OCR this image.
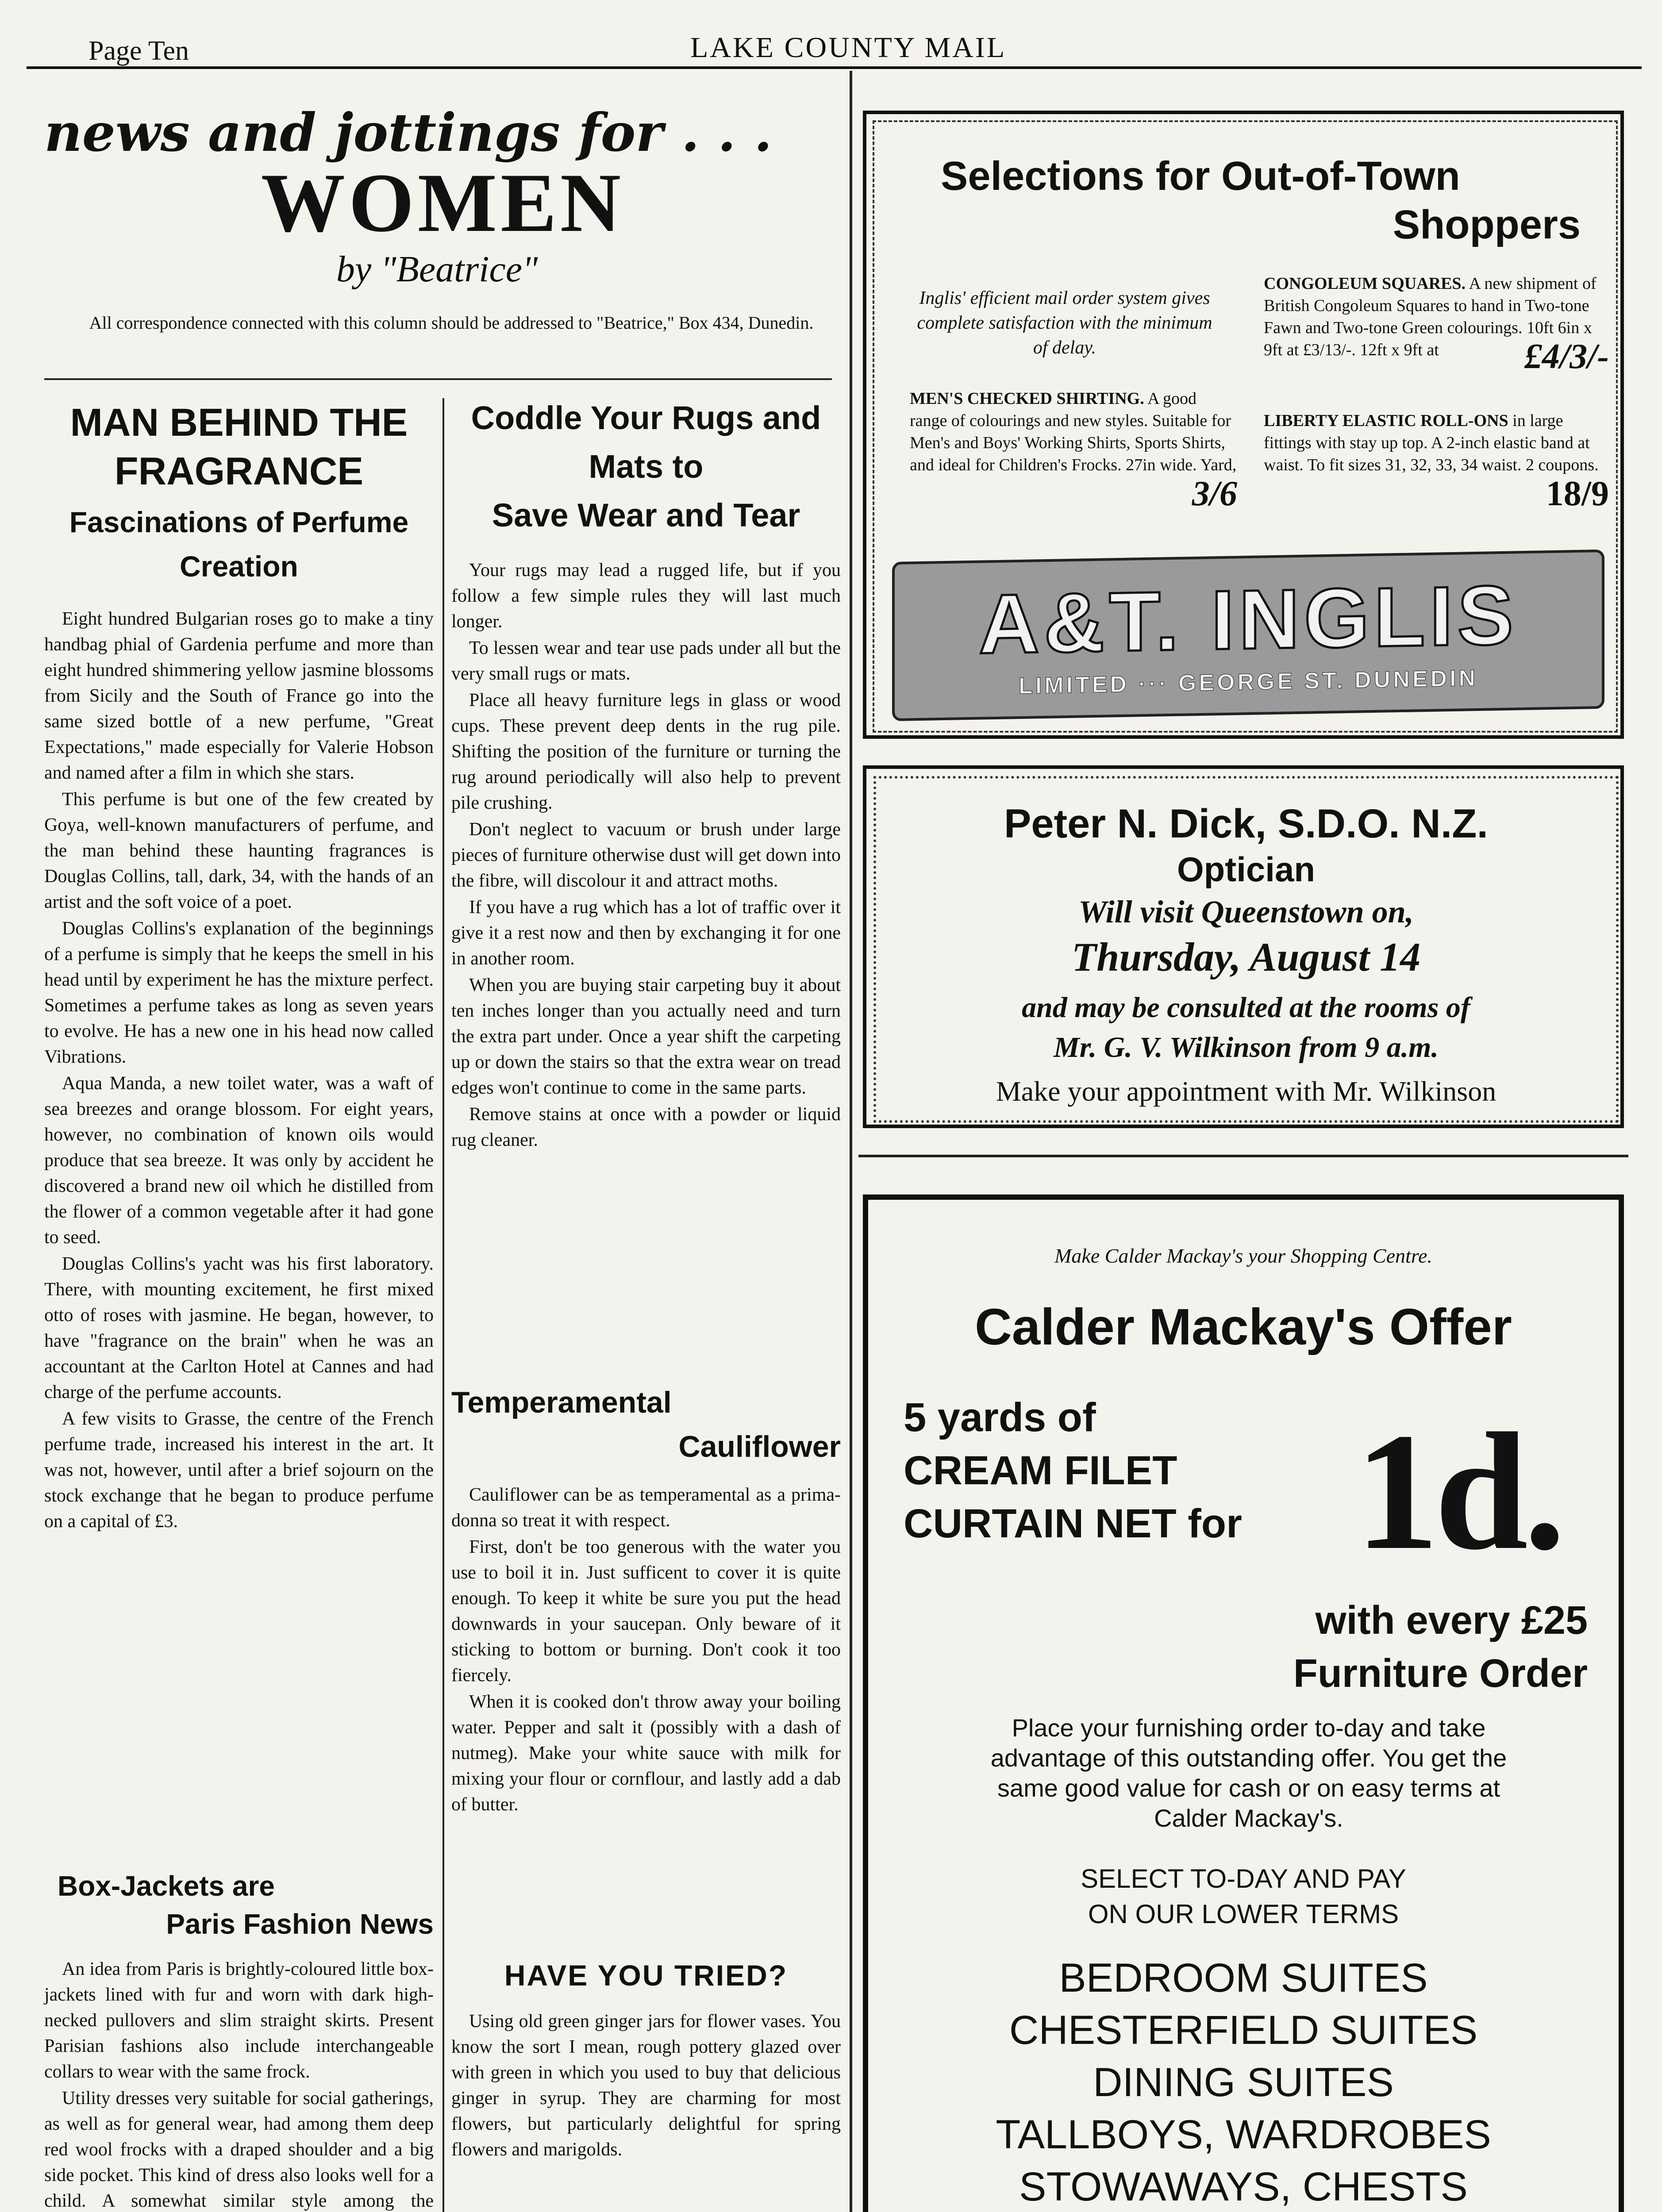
Page Ten	LAKE COUNTY MAIL
news and jottings for . . .
WOMEN
by "Beatrice"
All correspondence connected with this column should be addressed to "Beatrice," Box 434, Dunedin.
MAN BEHIND THE
FRAGRANCE
Fascinations of Perfume
Creation

Eight hundred Bulgarian roses go to make a tiny handbag phial of Gardenia perfume and more than eight hundred shimmering yellow jasmine blossoms from Sicily and the South of France go into the same sized bottle of a new perfume, "Great Expectations," made especially for Valerie Hobson and named after a film in which she stars.

This perfume is but one of the few created by Goya, well-known manufacturers of perfume, and the man behind these haunting fragrances is Douglas Collins, tall, dark, 34, with the hands of an artist and the soft voice of a poet.

Douglas Collins's explanation of the beginnings of a perfume is simply that he keeps the smell in his head until by experiment he has the mixture perfect. Sometimes a perfume takes as long as seven years to evolve. He has a new one in his head now called Vibrations.

Aqua Manda, a new toilet water, was a waft of sea breezes and orange blossom. For eight years, however, no combination of known oils would produce that sea breeze. It was only by accident he discovered a brand new oil which he distilled from the flower of a common vegetable after it had gone to seed.

Douglas Collins's yacht was his first laboratory. There, with mounting excitement, he first mixed otto of roses with jasmine. He began, however, to have "fragrance on the brain" when he was an accountant at the Carlton Hotel at Cannes and had charge of the perfume accounts.

A few visits to Grasse, the centre of the French perfume trade, increased his interest in the art. It was not, however, until after a brief sojourn on the stock exchange that he began to produce perfume on a capital of £3.

Box-Jackets are
Paris Fashion News

An idea from Paris is brightly-coloured little box-jackets lined with fur and worn with dark high-necked pullovers and slim straight skirts. Present Parisian fashions also include interchangeable collars to wear with the same frock.

Utility dresses very suitable for social gatherings, as well as for general wear, had among them deep red wool frocks with a draped shoulder and a big side pocket. This kind of dress also looks well for a child. A somewhat similar style among the

Coddle Your Rugs and
Mats to
Save Wear and Tear

Your rugs may lead a rugged life, but if you follow a few simple rules they will last much longer.

To lessen wear and tear use pads under all but the very small rugs or mats.

Place all heavy furniture legs in glass or wood cups. These prevent deep dents in the rug pile. Shifting the position of the furniture or turning the rug around periodically will also help to prevent pile crushing.

Don't neglect to vacuum or brush under large pieces of furniture otherwise dust will get down into the fibre, will discolour it and attract moths.

If you have a rug which has a lot of traffic over it give it a rest now and then by exchanging it for one in another room.

When you are buying stair carpeting buy it about ten inches longer than you actually need and turn the extra part under. Once a year shift the carpeting up or down the stairs so that the extra wear on tread edges won't continue to come in the same parts.

Remove stains at once with a powder or liquid rug cleaner.

Temperamental
Cauliflower

Cauliflower can be as temperamental as a prima-donna so treat it with respect.

First, don't be too generous with the water you use to boil it in. Just sufficent to cover it is quite enough. To keep it white be sure you put the head downwards in your saucepan. Only beware of it sticking to bottom or burning. Don't cook it too fiercely.

When it is cooked don't throw away your boiling water. Pepper and salt it (possibly with a dash of nutmeg). Make your white sauce with milk for mixing your flour or cornflour, and lastly add a dab of butter.

HAVE YOU TRIED?

Using old green ginger jars for flower vases. You know the sort I mean, rough pottery glazed over with green in which you used to buy that delicious ginger in syrup. They are charming for most flowers, but particularly delightful for spring flowers and marigolds.

Selections for Out-of-Town
Shoppers
Inglis' efficient mail order system gives complete satisfaction with the minimum of delay.
MEN'S CHECKED SHIRTING. A good range of colourings and new styles. Suitable for Men's and Boys' Working Shirts, Sports Shirts, and ideal for Children's Frocks. 27in wide. Yard,
3/6
CONGOLEUM SQUARES. A new shipment of British Congoleum Squares to hand in Two-tone Fawn and Two-tone Green colourings. 10ft 6in x 9ft at £3/13/-. 12ft x 9ft at £4/3/-
LIBERTY ELASTIC ROLL-ONS in large fittings with stay up top. A 2-inch elastic band at waist. To fit sizes 31, 32, 33, 34 waist. 2 coupons.
18/9
A&T. INGLIS
LIMITED ··· GEORGE ST. DUNEDIN
Peter N. Dick, S.D.O. N.Z.
Optician
Will visit Queenstown on,
Thursday, August 14
and may be consulted at the rooms of
Mr. G. V. Wilkinson from 9 a.m.
Make your appointment with Mr. Wilkinson
Make Calder Mackay's your Shopping Centre.
Calder Mackay's Offer
5 yards of
CREAM FILET
CURTAIN NET for 1d.
with every £25
Furniture Order
Place your furnishing order to-day and take advantage of this outstanding offer. You get the same good value for cash or on easy terms at Calder Mackay's.
SELECT TO-DAY AND PAY
ON OUR LOWER TERMS
BEDROOM SUITES
CHESTERFIELD SUITES
DINING SUITES
TALLBOYS, WARDROBES
STOWAWAYS, CHESTS
